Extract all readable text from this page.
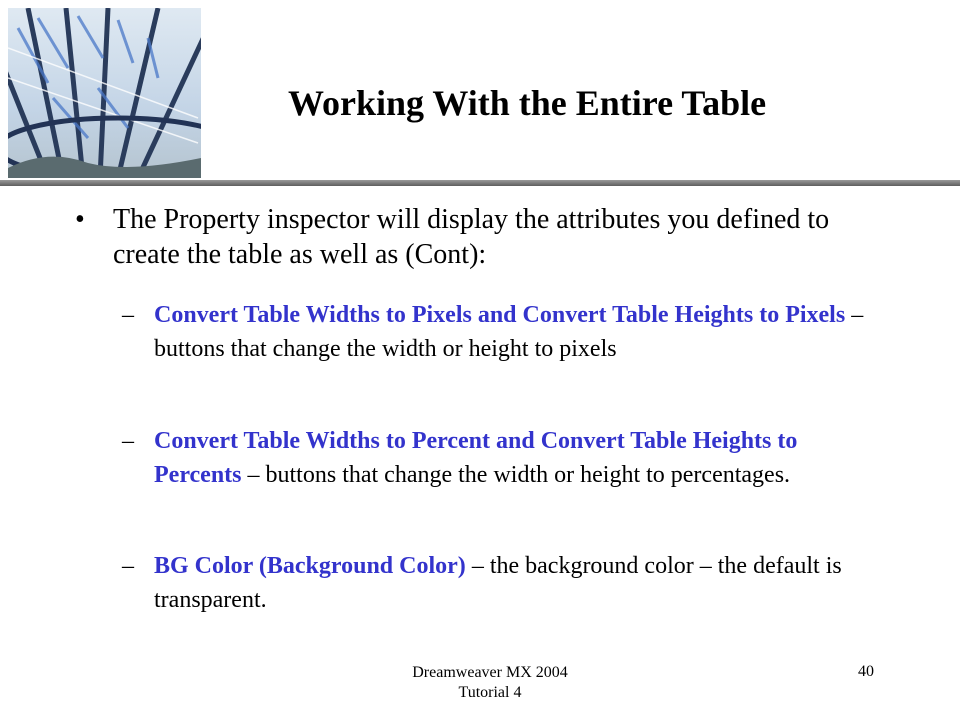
Working With the Entire Table
• The Property inspector will display the attributes you defined to create the table as well as (Cont):
– Convert Table Widths to Pixels and Convert Table Heights to Pixels – buttons that change the width or height to pixels
– Convert Table Widths to Percent and Convert Table Heights to Percents – buttons that change the width or height to percentages.
– BG Color (Background Color) – the background color – the default is transparent.
Dreamweaver MX 2004
Tutorial 4
40
